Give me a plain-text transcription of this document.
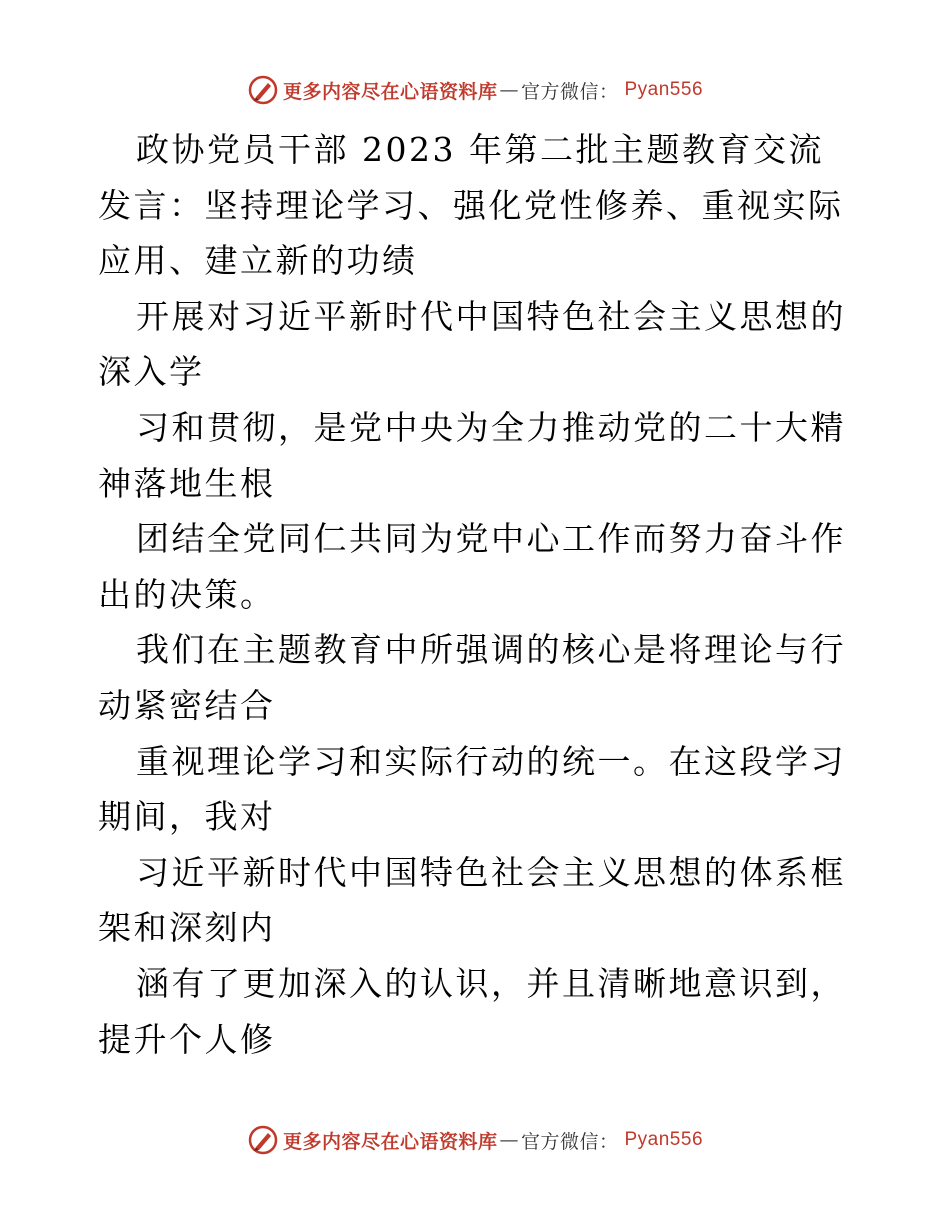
更多内容尽在心语资料库 — 官方微信： Pyan556

政协党员干部 2023 年第二批主题教育交流发言：坚持理论学习、强化党性修养、重视实际应用、建立新的功绩

开展对习近平新时代中国特色社会主义思想的深入学

习和贯彻，是党中央为全力推动党的二十大精神落地生根

团结全党同仁共同为党中心工作而努力奋斗作出的决策。

我们在主题教育中所强调的核心是将理论与行动紧密结合

重视理论学习和实际行动的统一。在这段学习期间，我对

习近平新时代中国特色社会主义思想的体系框架和深刻内

涵有了更加深入的认识，并且清晰地意识到，提升个人修

更多内容尽在心语资料库 — 官方微信： Pyan556
